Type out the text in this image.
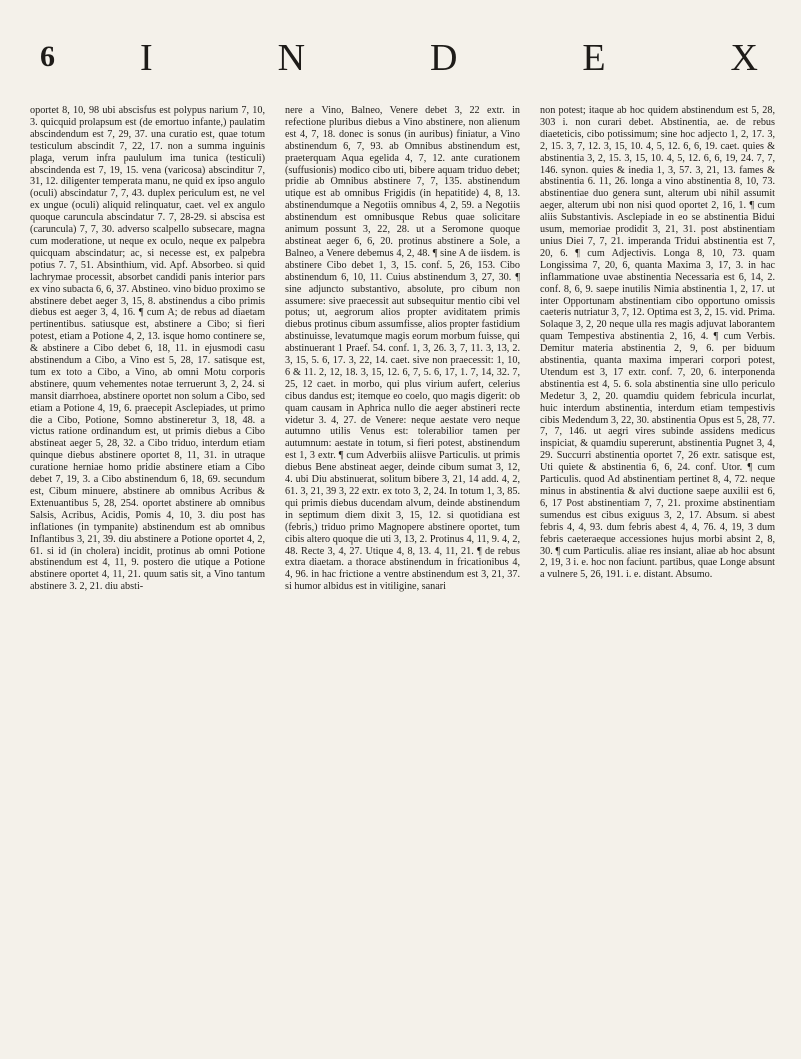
6 I	N	D	E	X

oportet 8, 10, 98 ubi abscisfus est polypus narium 7, 10, 3. quicquid prolapsum est (de emortuo infante,) paulatim abscindendum est 7, 29, 37. una curatio est, quae totum testiculum abscindit 7, 22, 17. non a summa inguinis plaga, verum infra paululum ima tunica (testiculi) abscindenda est 7, 19, 15. vena (varicosa) abscinditur 7, 31, 12. diligenter temperata manu, ne quid ex ipso angulo (oculi) abscindatur 7, 7, 43. duplex periculum est, ne vel ex ungue (oculi) aliquid relinquatur, caet. vel ex angulo quoque caruncula abscindatur 7. 7, 28-29. si abscisa est (caruncula) 7, 7, 30. adverso scalpello subsecare, magna cum moderatione, ut neque ex oculo, neque ex palpebra quicquam abscindatur; ac, si necesse est, ex palpebra potius 7. 7, 51. Absinthium, vid. Apf. Absorbeo. si quid lachrymae processit, absorbet candidi panis interior pars ex vino subacta 6, 6, 37. Abstineo. vino biduo proximo se abstinere debet aeger 3, 15, 8. abstinendus a cibo primis diebus est aeger 3, 4, 16. ¶ cum A; de rebus ad diaetam pertinentibus. satiusque est, abstinere a Cibo; si fieri potest, etiam a Potione 4, 2, 13. isque homo continere se, & abstinere a Cibo debet 6, 18, 11. in ejusmodi casu abstinendum a Cibo, a Vino est 5, 28, 17. satisque est, tum ex toto a Cibo, a Vino, ab omni Motu corporis abstinere, quum vehementes notae terruerunt 3, 2, 24. si mansit diarrhoea, abstinere oportet non solum a Cibo, sed etiam a Potione 4, 19, 6. praecepit Asclepiades, ut primo die a Cibo, Potione, Somno abstineretur 3, 18, 48. a victus ratione ordinandum est, ut primis diebus a Cibo abstineat aeger 5, 28, 32. a Cibo triduo, interdum etiam quinque diebus abstinere oportet 8, 11, 31. in utraque curatione herniae homo pridie abstinere etiam a Cibo debet 7, 19, 3. a Cibo abstinendum 6, 18, 69. secundum est, Cibum minuere, abstinere ab omnibus Acribus & Extenuantibus 5, 28, 254. oportet abstinere ab omnibus Salsis, Acribus, Acidis, Pomis 4, 10, 3. diu post has inflationes (in tympanite) abstinendum est ab omnibus Inflantibus 3, 21, 39. diu abstinere a Potione oportet 4, 2, 61. si id (in cholera) incidit, protinus ab omni Potione abstinendum est 4, 11, 9. postero die utique a Potione abstinere oportet 4, 11, 21. quum satis sit, a Vino tantum abstinere 3. 2, 21. diu absti-

nere a Vino, Balneo, Venere debet 3, 22 extr. in refectione pluribus diebus a Vino abstinere, non alienum est 4, 7, 18. donec is sonus (in auribus) finiatur, a Vino abstinendum 6, 7, 93. ab Omnibus abstinendum est, praeterquam Aqua egelida 4, 7, 12. ante curationem (suffusionis) modico cibo uti, bibere aquam triduo debet; pridie ab Omnibus abstinere 7, 7, 135. abstinendum utique est ab omnibus Frigidis (in hepatitide) 4, 8, 13. abstinendumque a Negotiis omnibus 4, 2, 59. a Negotiis abstinendum est omnibusque Rebus quae solicitare animum possunt 3, 22, 28. ut a Seromone quoque abstineat aeger 6, 6, 20. protinus abstinere a Sole, a Balneo, a Venere debemus 4, 2, 48. ¶ sine A de iisdem. is abstinere Cibo debet 1, 3, 15. conf. 5, 26, 153. Cibo abstinendum 6, 10, 11. Cuius abstinendum 3, 27, 30. ¶ sine adjuncto substantivo, absolute, pro cibum non assumere: sive praecessit aut subsequitur mentio cibi vel potus; ut, aegrorum alios propter aviditatem primis diebus protinus cibum assumfisse, alios propter fastidium abstinuisse, levatumque magis eorum morbum fuisse, qui abstinuerant 1 Praef. 54. conf. 1, 3, 26. 3, 7, 11. 3, 13, 2. 3, 15, 5. 6, 17. 3, 22, 14. caet. sive non praecessit: 1, 10, 6 & 11. 2, 12, 18. 3, 15, 12. 6, 7, 5. 6, 17, 1. 7, 14, 32. 7, 25, 12 caet. in morbo, qui plus virium aufert, celerius cibus dandus est; itemque eo coelo, quo magis digerit: ob quam causam in Aphrica nullo die aeger abstineri recte videtur 3. 4, 27. de Venere: neque aestate vero neque autumno utilis Venus est: tolerabilior tamen per autumnum: aestate in totum, si fieri potest, abstinendum est 1, 3 extr. ¶ cum Adverbiis aliisve Particulis. ut primis diebus Bene abstineat aeger, deinde cibum sumat 3, 12, 4. ubi Diu abstinuerat, solitum bibere 3, 21, 14 add. 4, 2, 61. 3, 21, 39 3, 22 extr. ex toto 3, 2, 24. In totum 1, 3, 85. qui primis diebus ducendam alvum, deinde abstinendum in septimum diem dixit 3, 15, 12. si quotidiana est (febris,) triduo primo Magnopere abstinere oportet, tum cibis altero quoque die uti 3, 13, 2. Protinus 4, 11, 9. 4, 2, 48. Recte 3, 4, 27. Utique 4, 8, 13. 4, 11, 21. ¶ de rebus extra diaetam. a thorace abstinendum in fricationibus 4, 4, 96. in hac frictione a ventre abstinendum est 3, 21, 37. si humor albidus est in vitiligine, sanari

non potest; itaque ab hoc quidem abstinendum est 5, 28, 303 i. non curari debet. Abstinentia, ae. de rebus diaeteticis, cibo potissimum; sine hoc adjecto 1, 2, 17. 3, 2, 15. 3, 7, 12. 3, 15, 10. 4, 5, 12. 6, 6, 19. caet. quies & abstinentia 3, 2, 15. 3, 15, 10. 4, 5, 12. 6, 6, 19, 24. 7, 7, 146. synon. quies & inedia 1, 3, 57. 3, 21, 13. fames & abstinentia 6. 11, 26. longa a vino abstinentia 8, 10, 73. abstinentiae duo genera sunt, alterum ubi nihil assumit aeger, alterum ubi non nisi quod oportet 2, 16, 1. ¶ cum aliis Substantivis. Asclepiade in eo se abstinentia Bidui usum, memoriae prodidit 3, 21, 31. post abstinentiam unius Diei 7, 7, 21. imperanda Tridui abstinentia est 7, 20, 6. ¶ cum Adjectivis. Longa 8, 10, 73. quam Longissima 7, 20, 6, quanta Maxima 3, 17, 3. in hac inflammatione uvae abstinentia Necessaria est 6, 14, 2. conf. 8, 6, 9. saepe inutilis Nimia abstinentia 1, 2, 17. ut inter Opportunam abstinentiam cibo opportuno omissis caeteris nutriatur 3, 7, 12. Optima est 3, 2, 15. vid. Prima. Solaque 3, 2, 20 neque ulla res magis adjuvat laborantem quam Tempestiva abstinentia 2, 16, 4. ¶ cum Verbis. Demitur materia abstinentia 2, 9, 6. per biduum abstinentia, quanta maxima imperari corpori potest, Utendum est 3, 17 extr. conf. 7, 20, 6. interponenda abstinentia est 4, 5. 6. sola abstinentia sine ullo periculo Medetur 3, 2, 20. quamdiu quidem febricula incurlat, huic interdum abstinentia, interdum etiam tempestivis cibis Medendum 3, 22, 30. abstinentia Opus est 5, 28, 77. 7, 7, 146. ut aegri vires subinde assidens medicus inspiciat, & quamdiu supererunt, abstinentia Pugnet 3, 4, 29. Succurri abstinentia oportet 7, 26 extr. satisque est, Uti quiete & abstinentia 6, 6, 24. conf. Utor. ¶ cum Particulis. quod Ad abstinentiam pertinet 8, 4, 72. neque minus in abstinentia & alvi ductione saepe auxilii est 6, 6, 17 Post abstinentiam 7, 7, 21. proxime abstinentiam sumendus est cibus exiguus 3, 2, 17. Absum. si abest febris 4, 4, 93. dum febris abest 4, 4, 76. 4, 19, 3 dum febris caeteraeque accessiones hujus morbi absint 2, 8, 30. ¶ cum Particulis. aliae res insiant, aliae ab hoc absunt 2, 19, 3 i. e. hoc non faciunt. partibus, quae Longe absunt a vulnere 5, 26, 191. i. e. distant. Absumo.
